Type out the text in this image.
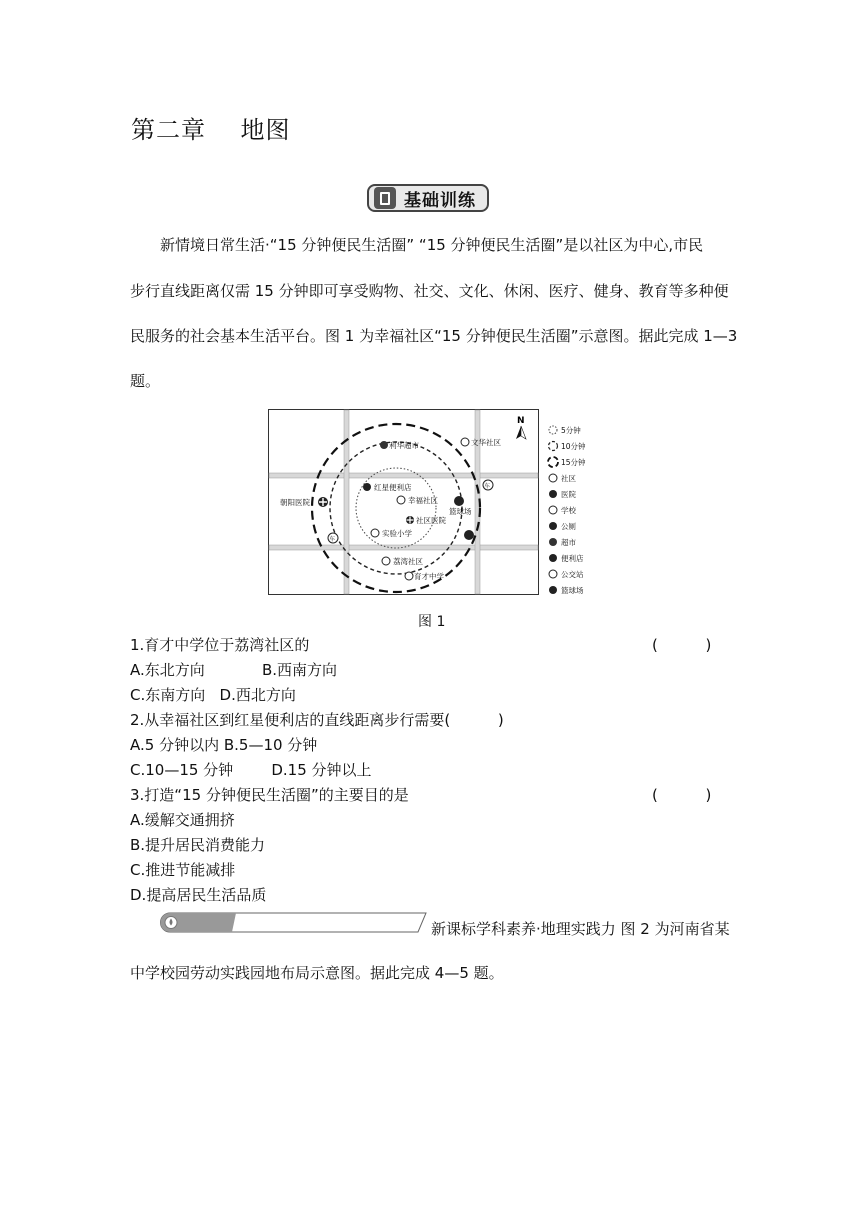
第二章    地图
基础训练
新情境日常生活·“15 分钟便民生活圈” “15 分钟便民生活圈”是以社区为中心,市民
步行直线距离仅需 15 分钟即可享受购物、社交、文化、休闲、医疗、健身、教育等多种便
民服务的社会基本生活平台。图 1 为幸福社区“15 分钟便民生活圈”示意图。据此完成 1—3
题。
N
利华超市	文华社区
红星便利店
幸福社区
朝阳医院
篮球场
车
社区医院
实验小学
车
荔湾社区
育才中学
5分钟
10分钟
15分钟
社区
医院
学校
公厕
超市
便利店
公交站
篮球场
图 1
1.育才中学位于荔湾社区的	(          )
A.东北方向            B.西南方向
C.东南方向   D.西北方向
2.从幸福社区到红星便利店的直线距离步行需要(          )
A.5 分钟以内 B.5—10 分钟
C.10—15 分钟        D.15 分钟以上
3.打造“15 分钟便民生活圈”的主要目的是	(          )
A.缓解交通拥挤
B.提升居民消费能力
C.推进节能减排
D.提高居民生活品质
新课标学科素养·地理实践力 图 2 为河南省某
中学校园劳动实践园地布局示意图。据此完成 4—5 题。
